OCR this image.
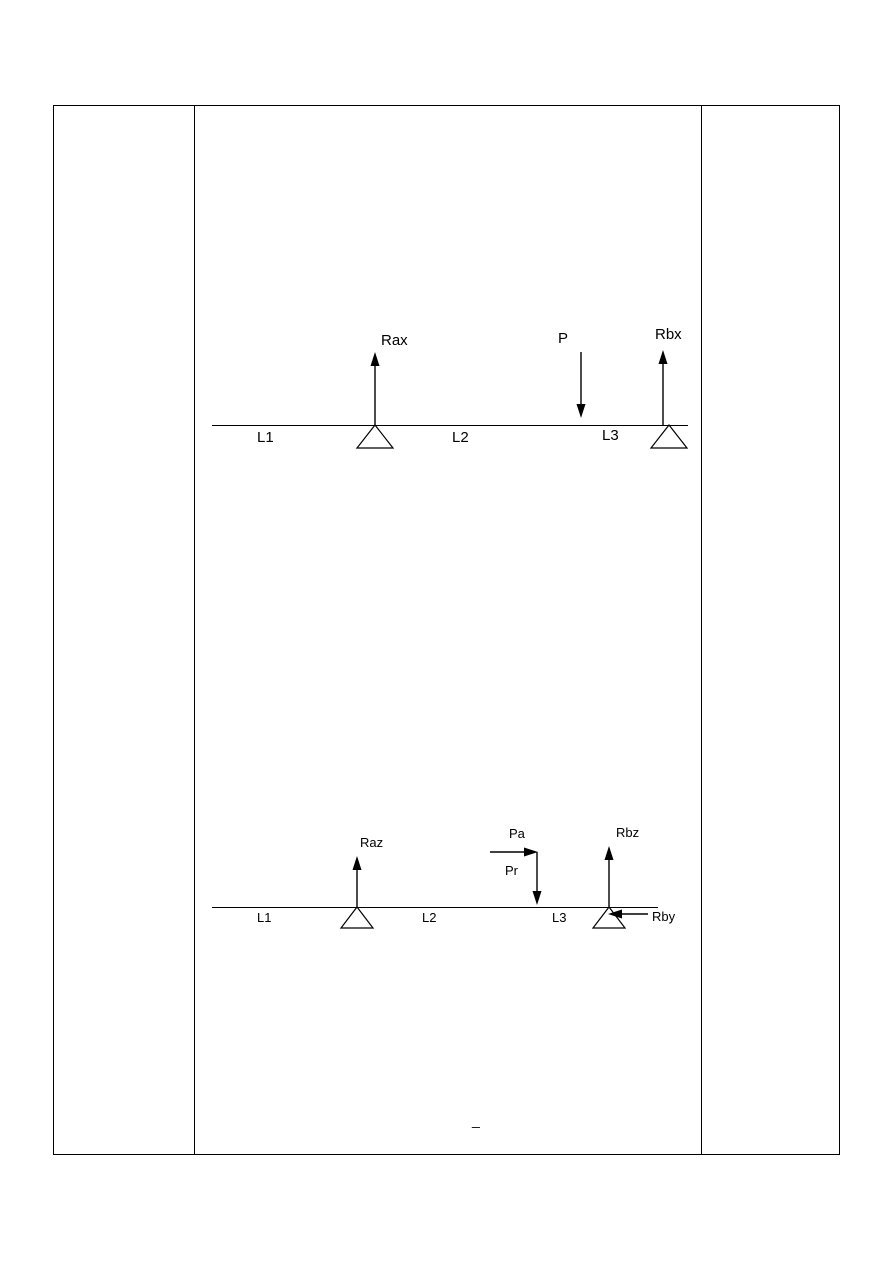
Rax	P	Rbx
L1	L2	L3
Raz
Pa
Pr
Rbz
Rby
L1	L2	L3
_
